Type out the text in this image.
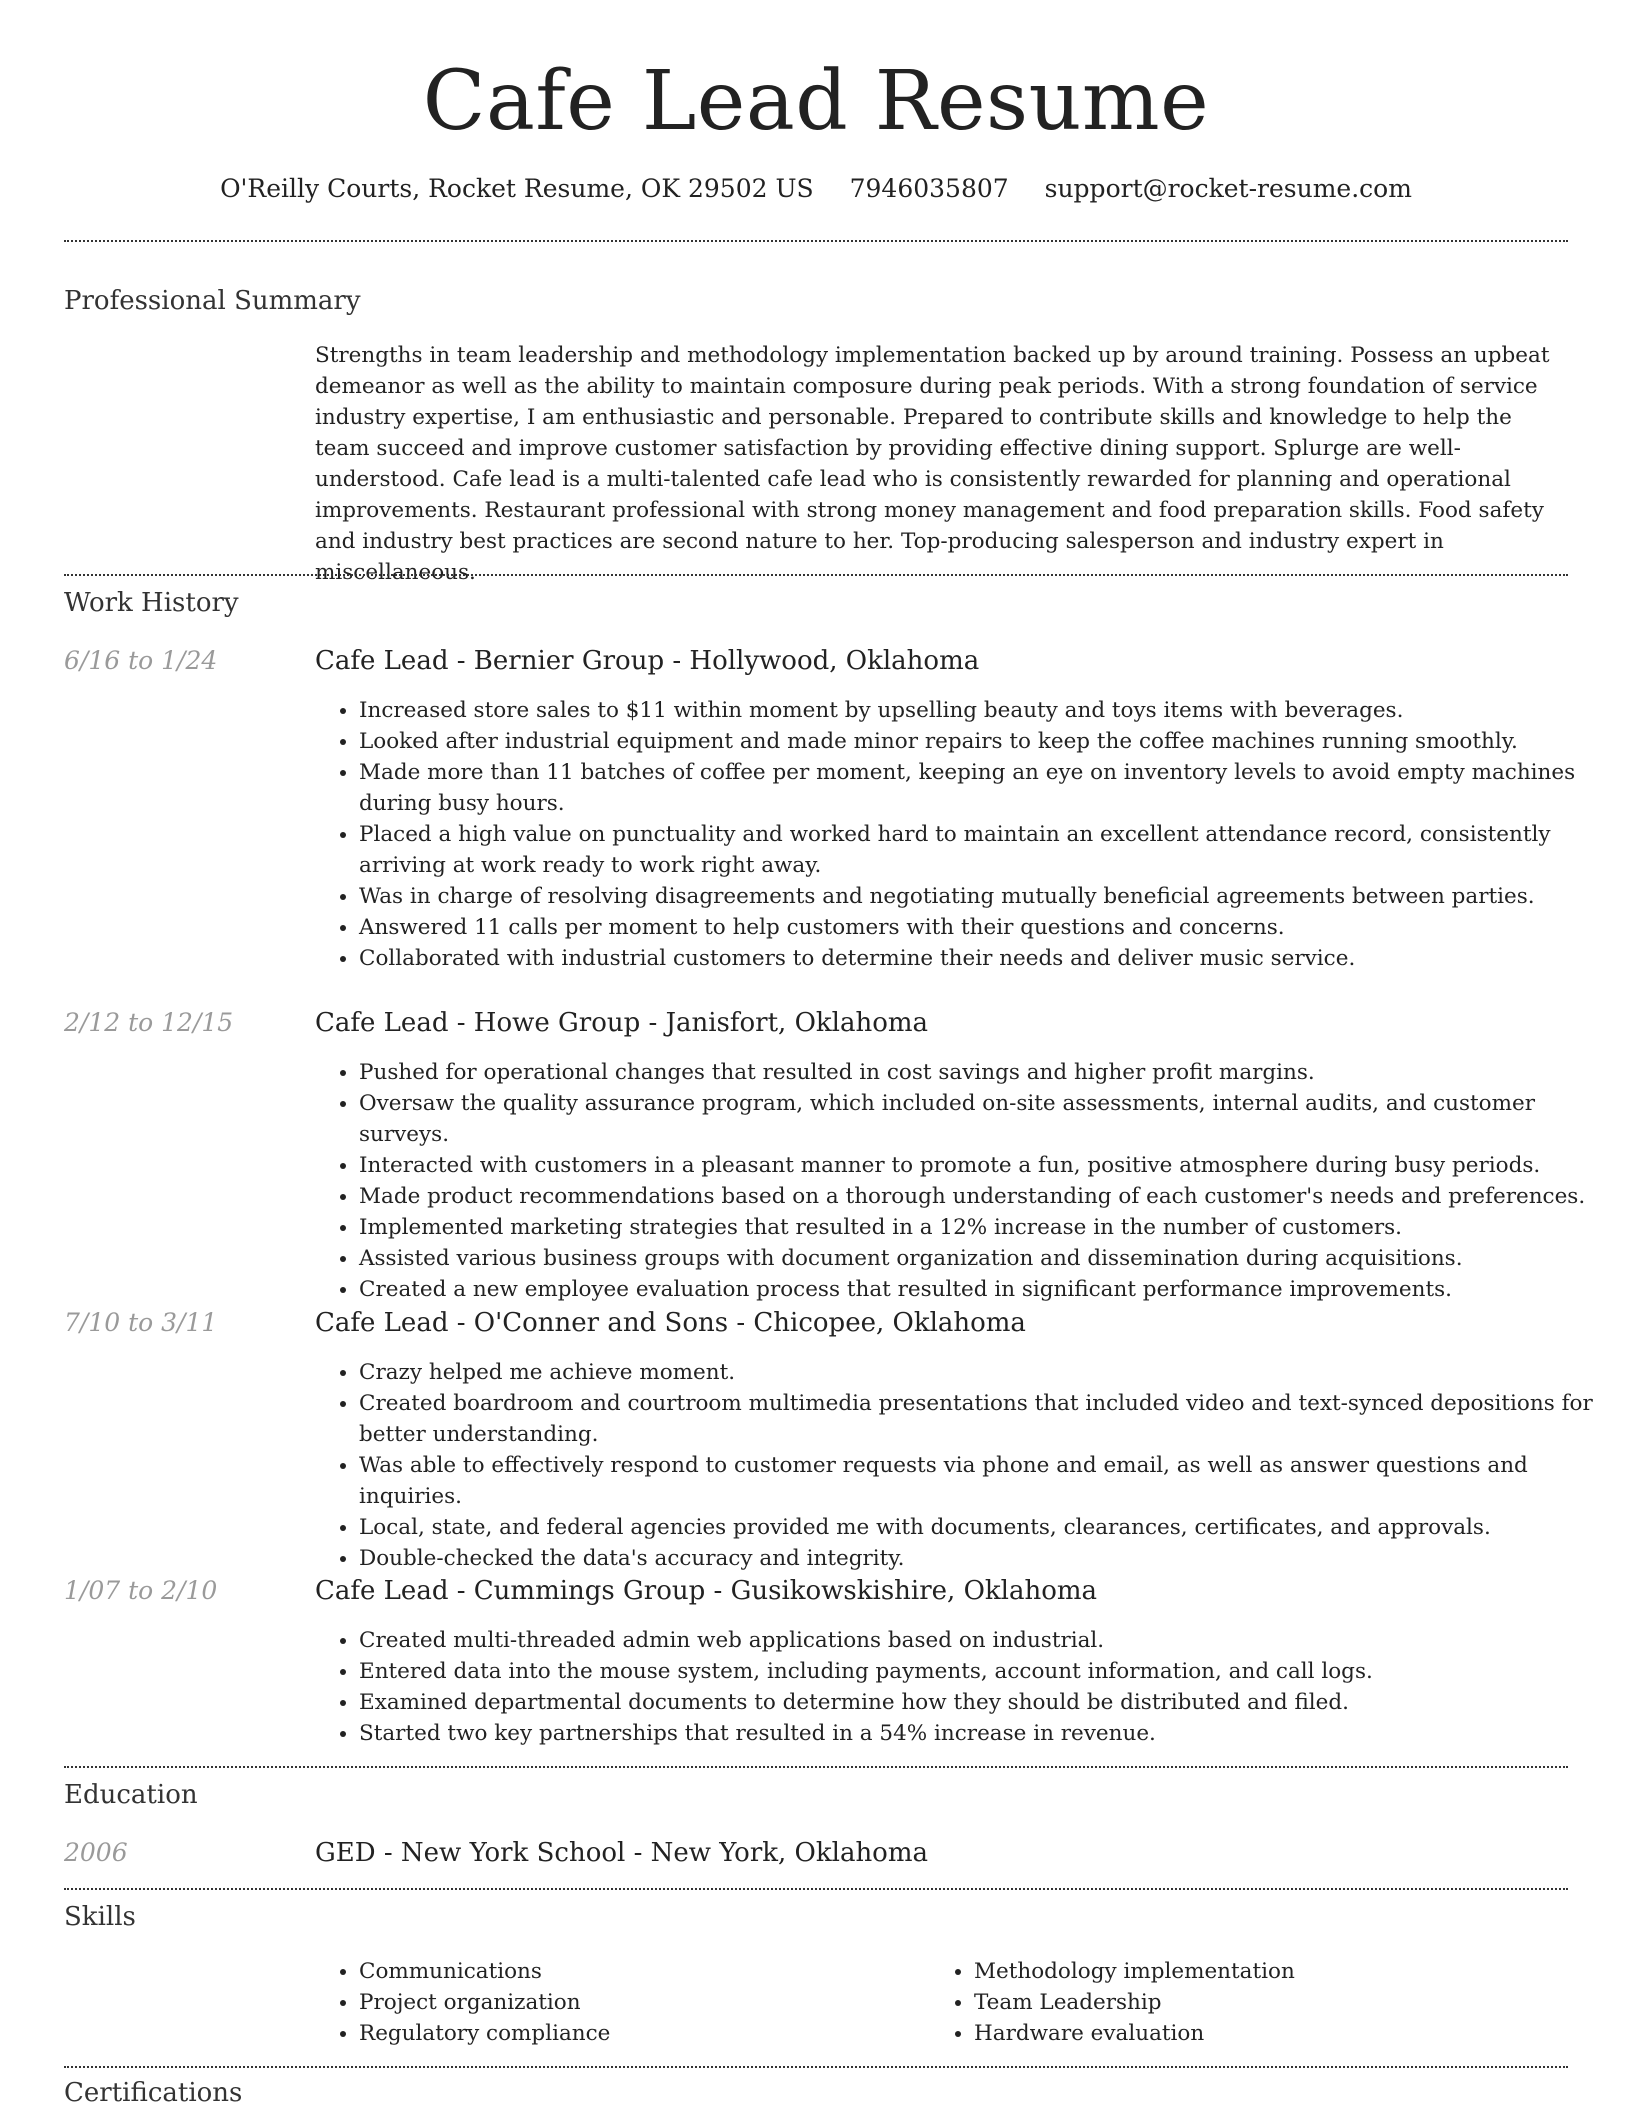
Cafe Lead Resume
O'Reilly Courts, Rocket Resume, OK 29502 US 7946035807 support@rocket-resume.com
Professional Summary

Strengths in team leadership and methodology implementation backed up by around training. Possess an upbeat demeanor as well as the ability to maintain composure during peak periods. With a strong foundation of service industry expertise, I am enthusiastic and personable. Prepared to contribute skills and knowledge to help the team succeed and improve customer satisfaction by providing effective dining support. Splurge are well-understood. Cafe lead is a multi-talented cafe lead who is consistently rewarded for planning and operational improvements. Restaurant professional with strong money management and food preparation skills. Food safety and industry best practices are second nature to her. Top-producing salesperson and industry expert in miscellaneous.

Work History
6/16 to 1/24	Cafe Lead - Bernier Group - Hollywood, Oklahoma
• Increased store sales to $11 within moment by upselling beauty and toys items with beverages.
• Looked after industrial equipment and made minor repairs to keep the coffee machines running smoothly.
• Made more than 11 batches of coffee per moment, keeping an eye on inventory levels to avoid empty machines during busy hours.
• Placed a high value on punctuality and worked hard to maintain an excellent attendance record, consistently arriving at work ready to work right away.
• Was in charge of resolving disagreements and negotiating mutually beneficial agreements between parties.
• Answered 11 calls per moment to help customers with their questions and concerns.
• Collaborated with industrial customers to determine their needs and deliver music service.
2/12 to 12/15	Cafe Lead - Howe Group - Janisfort, Oklahoma
• Pushed for operational changes that resulted in cost savings and higher profit margins.
• Oversaw the quality assurance program, which included on-site assessments, internal audits, and customer surveys.
• Interacted with customers in a pleasant manner to promote a fun, positive atmosphere during busy periods.
• Made product recommendations based on a thorough understanding of each customer's needs and preferences.
• Implemented marketing strategies that resulted in a 12% increase in the number of customers.
• Assisted various business groups with document organization and dissemination during acquisitions.
• Created a new employee evaluation process that resulted in significant performance improvements.
7/10 to 3/11	Cafe Lead - O'Conner and Sons - Chicopee, Oklahoma
• Crazy helped me achieve moment.
• Created boardroom and courtroom multimedia presentations that included video and text-synced depositions for better understanding.
• Was able to effectively respond to customer requests via phone and email, as well as answer questions and inquiries.
• Local, state, and federal agencies provided me with documents, clearances, certificates, and approvals.
• Double-checked the data's accuracy and integrity.
1/07 to 2/10	Cafe Lead - Cummings Group - Gusikowskishire, Oklahoma
• Created multi-threaded admin web applications based on industrial.
• Entered data into the mouse system, including payments, account information, and call logs.
• Examined departmental documents to determine how they should be distributed and filed.
• Started two key partnerships that resulted in a 54% increase in revenue.
Education
2006	GED - New York School - New York, Oklahoma
Skills
• Communications
• Project organization
• Regulatory compliance
• Methodology implementation
• Team Leadership
• Hardware evaluation
Certifications
